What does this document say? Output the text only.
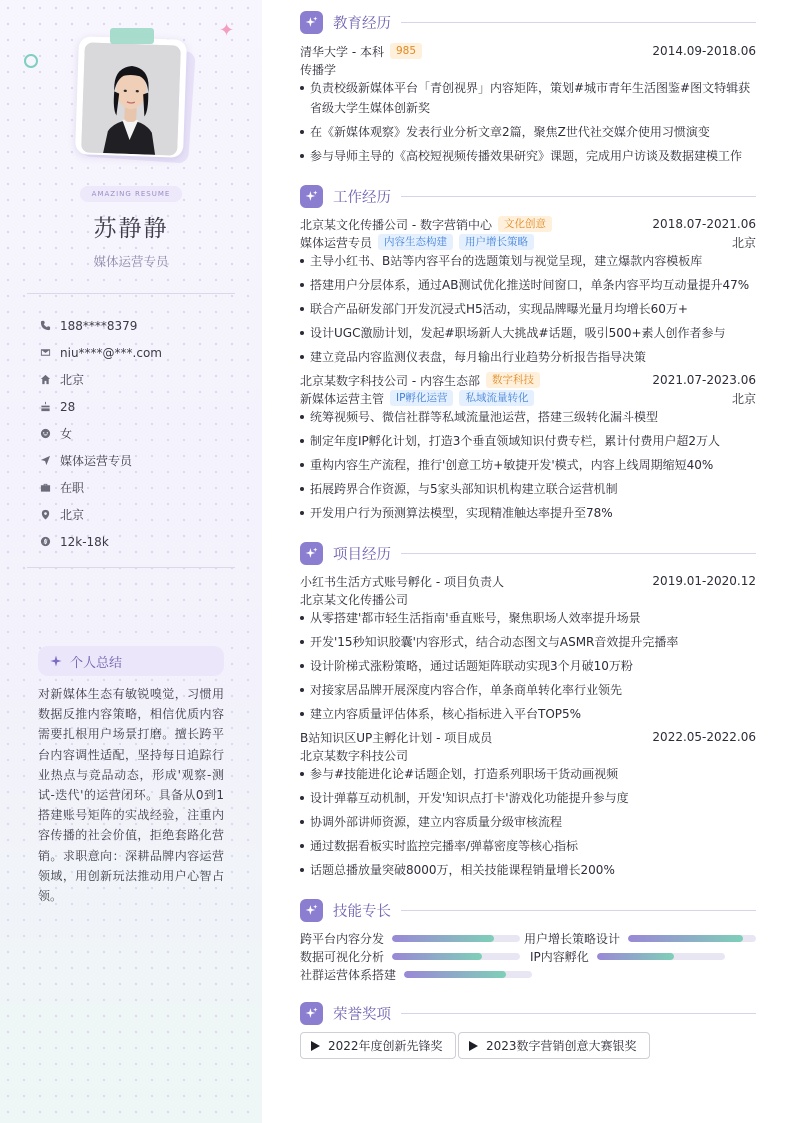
✦
AMAZING RESUME
苏静静
媒体运营专员
188****8379
niu****@***.com
北京
28
女
媒体运营专员
在职
北京
12k-18k
个人总结
对新媒体生态有敏锐嗅觉，习惯用数据反推内容策略，相信优质内容需要扎根用户场景打磨。擅长跨平台内容调性适配，坚持每日追踪行业热点与竞品动态，形成'观察-测试-迭代'的运营闭环。具备从0到1搭建账号矩阵的实战经验，注重内容传播的社会价值，拒绝套路化营销。求职意向：深耕品牌内容运营领域，用创新玩法推动用户心智占领。
教育经历
清华大学 - 本科	985	2014.09-2018.06
传播学
负责校级新媒体平台「青创视界」内容矩阵，策划#城市青年生活图鉴#图文特辑获省级大学生媒体创新奖
在《新媒体观察》发表行业分析文章2篇，聚焦Z世代社交媒介使用习惯演变
参与导师主导的《高校短视频传播效果研究》课题，完成用户访谈及数据建模工作
工作经历
北京某文化传播公司 - 数字营销中心	文化创意	2018.07-2021.06
媒体运营专员	内容生态构建	用户增长策略	北京
主导小红书、B站等内容平台的选题策划与视觉呈现，建立爆款内容模板库
搭建用户分层体系，通过AB测试优化推送时间窗口，单条内容平均互动量提升47%
联合产品研发部门开发沉浸式H5活动，实现品牌曝光量月均增长60万+
设计UGC激励计划，发起#职场新人大挑战#话题，吸引500+素人创作者参与
建立竞品内容监测仪表盘，每月输出行业趋势分析报告指导决策
北京某数字科技公司 - 内容生态部	数字科技	2021.07-2023.06
新媒体运营主管	IP孵化运营	私域流量转化	北京
统筹视频号、微信社群等私域流量池运营，搭建三级转化漏斗模型
制定年度IP孵化计划，打造3个垂直领域知识付费专栏，累计付费用户超2万人
重构内容生产流程，推行'创意工坊+敏捷开发'模式，内容上线周期缩短40%
拓展跨界合作资源，与5家头部知识机构建立联合运营机制
开发用户行为预测算法模型，实现精准触达率提升至78%
项目经历
小红书生活方式账号孵化 - 项目负责人	2019.01-2020.12
北京某文化传播公司
从零搭建'都市轻生活指南'垂直账号，聚焦职场人效率提升场景
开发'15秒知识胶囊'内容形式，结合动态图文与ASMR音效提升完播率
设计阶梯式涨粉策略，通过话题矩阵联动实现3个月破10万粉
对接家居品牌开展深度内容合作，单条商单转化率行业领先
建立内容质量评估体系，核心指标进入平台TOP5%
B站知识区UP主孵化计划 - 项目成员	2022.05-2022.06
北京某数字科技公司
参与#技能进化论#话题企划，打造系列职场干货动画视频
设计弹幕互动机制，开发'知识点打卡'游戏化功能提升参与度
协调外部讲师资源，建立内容质量分级审核流程
通过数据看板实时监控完播率/弹幕密度等核心指标
话题总播放量突破8000万，相关技能课程销量增长200%
技能专长
跨平台内容分发	用户增长策略设计
数据可视化分析	IP内容孵化
社群运营体系搭建
荣誉奖项
2022年度创新先锋奖	2023数字营销创意大赛银奖
